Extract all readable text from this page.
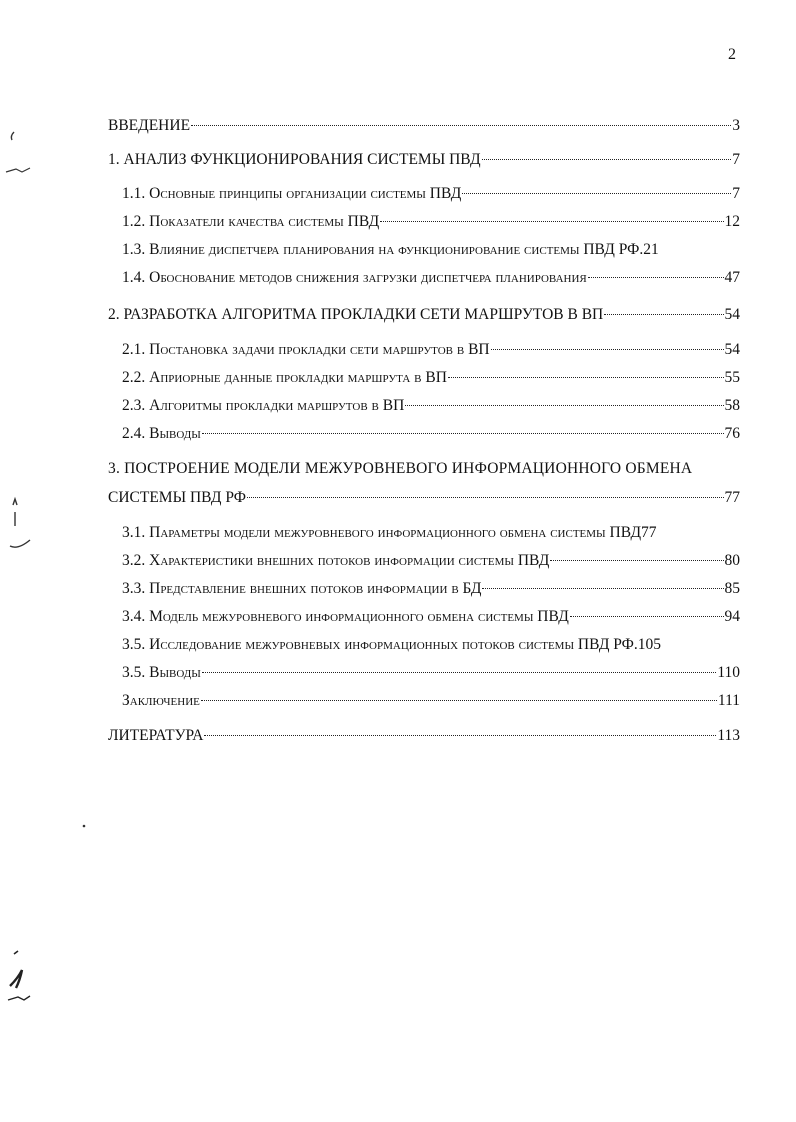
2
ВВЕДЕНИЕ	3
1. АНАЛИЗ ФУНКЦИОНИРОВАНИЯ СИСТЕМЫ ПВД	7
1.1. Основные принципы организации системы ПВД	7
1.2. Показатели качества системы ПВД	12
1.3. Влияние диспетчера планирования на функционирование системы ПВД РФ. 21
1.4. Обоснование методов снижения загрузки диспетчера планирования	47
2. РАЗРАБОТКА АЛГОРИТМА ПРОКЛАДКИ СЕТИ МАРШРУТОВ В ВП	54
2.1. Постановка задачи прокладки сети маршрутов в ВП	54
2.2. Априорные данные прокладки маршрута в ВП	55
2.3. Алгоритмы прокладки маршрутов в ВП	58
2.4. Выводы	76
3. ПОСТРОЕНИЕ МОДЕЛИ МЕЖУРОВНЕВОГО ИНФОРМАЦИОННОГО ОБМЕНА
СИСТЕМЫ ПВД РФ	77
3.1. Параметры модели межуровневого информационного обмена системы ПВД 77
3.2. Характеристики внешних потоков информации системы ПВД	80
3.3. Представление внешних потоков информации в БД	85
3.4. Модель межуровневого информационного обмена системы ПВД	94
3.5. Исследование межуровневых информационных потоков системы ПВД РФ. 105
3.5. Выводы	110
Заключение	111
ЛИТЕРАТУРА	113
